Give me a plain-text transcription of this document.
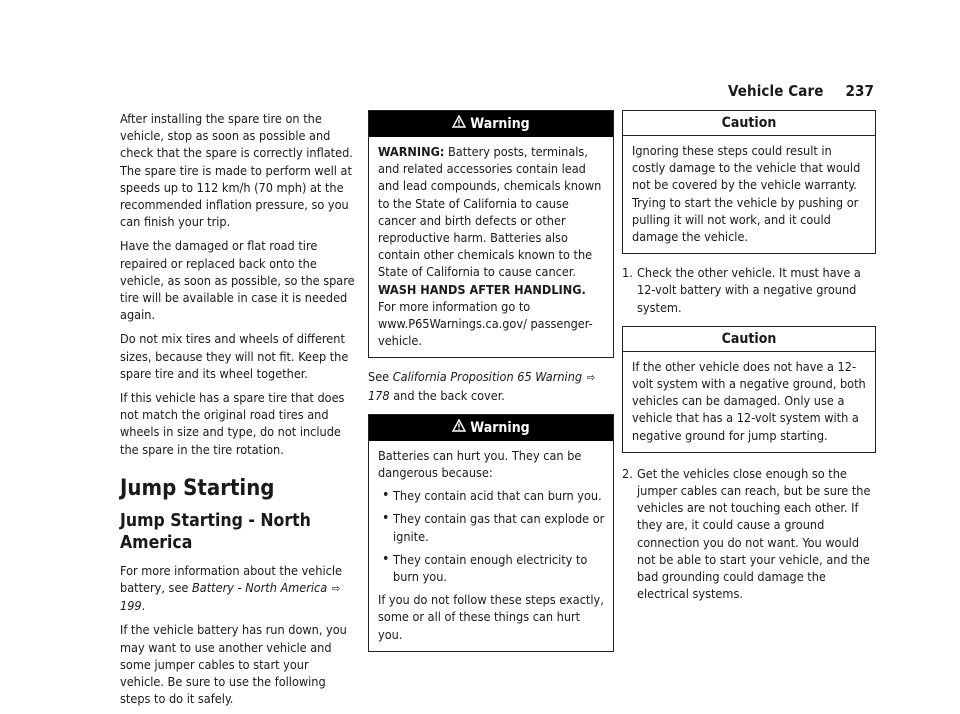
Vehicle Care 237

After installing the spare tire on the vehicle, stop as soon as possible and check that the spare is correctly inflated. The spare tire is made to perform well at speeds up to 112 km/h (70 mph) at the recommended inflation pressure, so you can finish your trip.

Have the damaged or flat road tire repaired or replaced back onto the vehicle, as soon as possible, so the spare tire will be available in case it is needed again.

Do not mix tires and wheels of different sizes, because they will not fit. Keep the spare tire and its wheel together.

If this vehicle has a spare tire that does not match the original road tires and wheels in size and type, do not include the spare in the tire rotation.

Jump Starting
Jump Starting - North America

For more information about the vehicle battery, see Battery - North America ⇨ 199.

If the vehicle battery has run down, you may want to use another vehicle and some jumper cables to start your vehicle. Be sure to use the following steps to do it safely.

Warning

WARNING: Battery posts, terminals, and related accessories contain lead and lead compounds, chemicals known to the State of California to cause cancer and birth defects or other reproductive harm. Batteries also contain other chemicals known to the State of California to cause cancer. WASH HANDS AFTER HANDLING. For more information go to www.P65Warnings.ca.gov/ passenger-vehicle.

See California Proposition 65 Warning ⇨ 178 and the back cover.

Warning

Batteries can hurt you. They can be dangerous because:

• They contain acid that can burn you.
• They contain gas that can explode or ignite.
• They contain enough electricity to burn you.

If you do not follow these steps exactly, some or all of these things can hurt you.

Caution

Ignoring these steps could result in costly damage to the vehicle that would not be covered by the vehicle warranty. Trying to start the vehicle by pushing or pulling it will not work, and it could damage the vehicle.

1. Check the other vehicle. It must have a 12-volt battery with a negative ground system.
Caution

If the other vehicle does not have a 12-volt system with a negative ground, both vehicles can be damaged. Only use a vehicle that has a 12-volt system with a negative ground for jump starting.

2. Get the vehicles close enough so the jumper cables can reach, but be sure the vehicles are not touching each other. If they are, it could cause a ground connection you do not want. You would not be able to start your vehicle, and the bad grounding could damage the electrical systems.
